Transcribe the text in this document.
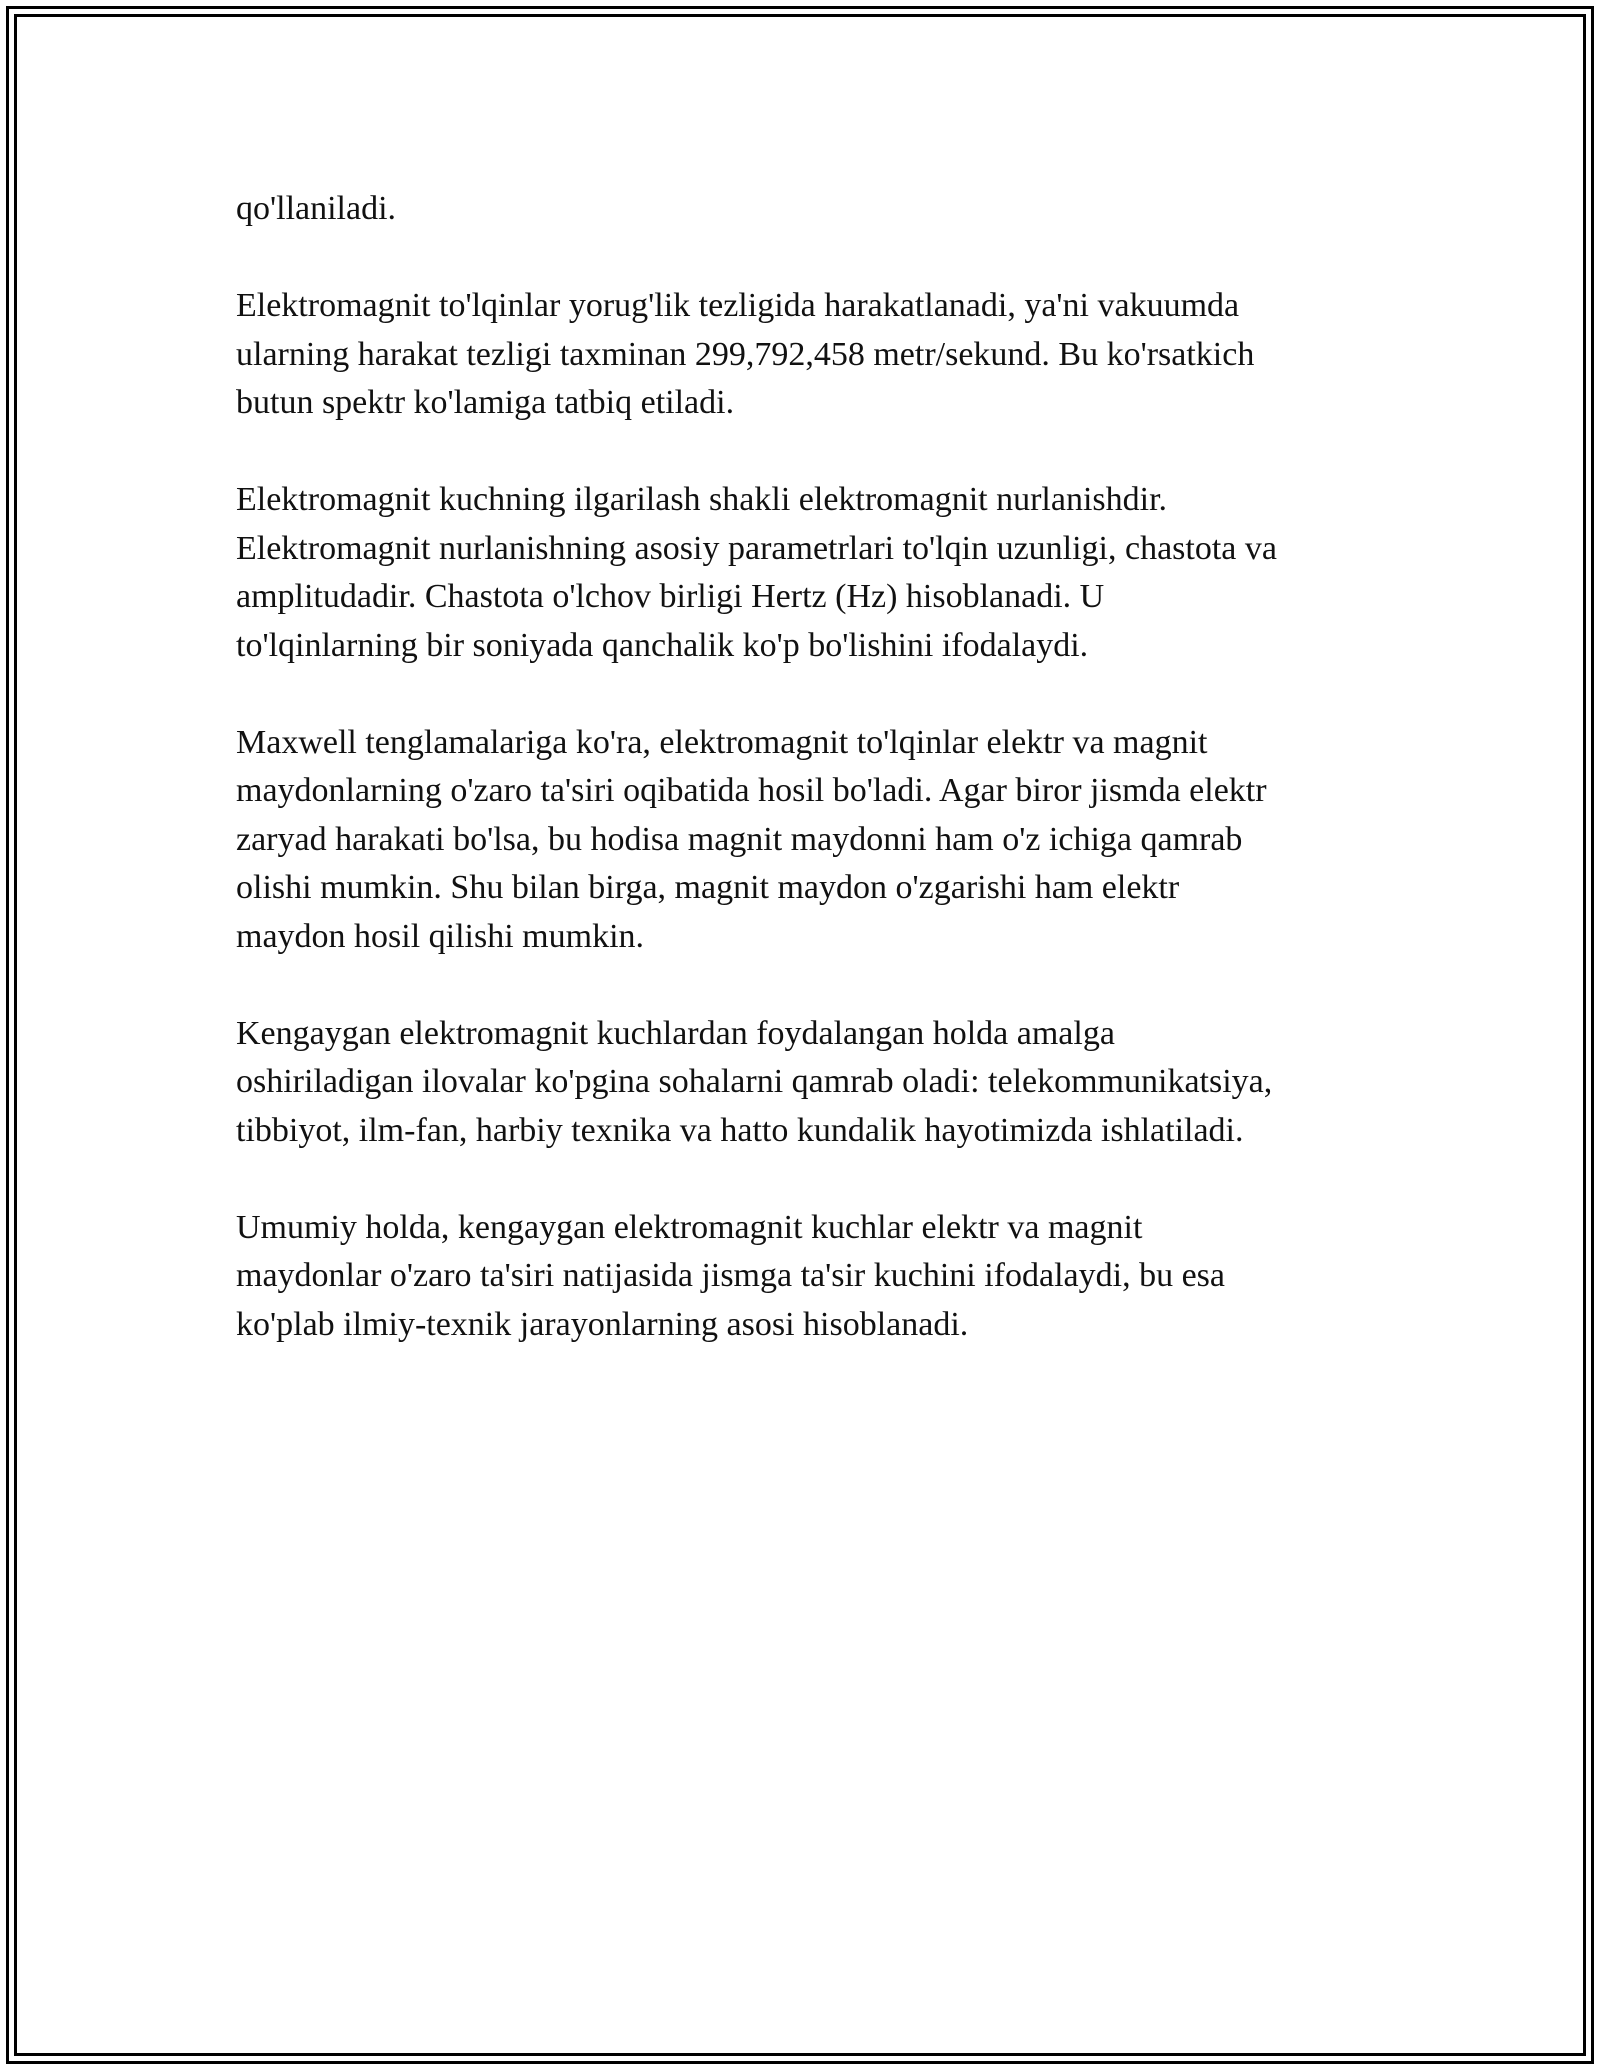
qo'llaniladi.

Elektromagnit to'lqinlar yorug'lik tezligida harakatlanadi, ya'ni vakuumda
ularning harakat tezligi taxminan 299,792,458 metr/sekund. Bu ko'rsatkich
butun spektr ko'lamiga tatbiq etiladi.

Elektromagnit kuchning ilgarilash shakli elektromagnit nurlanishdir.
Elektromagnit nurlanishning asosiy parametrlari to'lqin uzunligi, chastota va
amplitudadir. Chastota o'lchov birligi Hertz (Hz) hisoblanadi. U
to'lqinlarning bir soniyada qanchalik ko'p bo'lishini ifodalaydi.

Maxwell tenglamalariga ko'ra, elektromagnit to'lqinlar elektr va magnit
maydonlarning o'zaro ta'siri oqibatida hosil bo'ladi. Agar biror jismda elektr
zaryad harakati bo'lsa, bu hodisa magnit maydonni ham o'z ichiga qamrab
olishi mumkin. Shu bilan birga, magnit maydon o'zgarishi ham elektr
maydon hosil qilishi mumkin.

Kengaygan elektromagnit kuchlardan foydalangan holda amalga
oshiriladigan ilovalar ko'pgina sohalarni qamrab oladi: telekommunikatsiya,
tibbiyot, ilm-fan, harbiy texnika va hatto kundalik hayotimizda ishlatiladi.

Umumiy holda, kengaygan elektromagnit kuchlar elektr va magnit
maydonlar o'zaro ta'siri natijasida jismga ta'sir kuchini ifodalaydi, bu esa
ko'plab ilmiy-texnik jarayonlarning asosi hisoblanadi.
